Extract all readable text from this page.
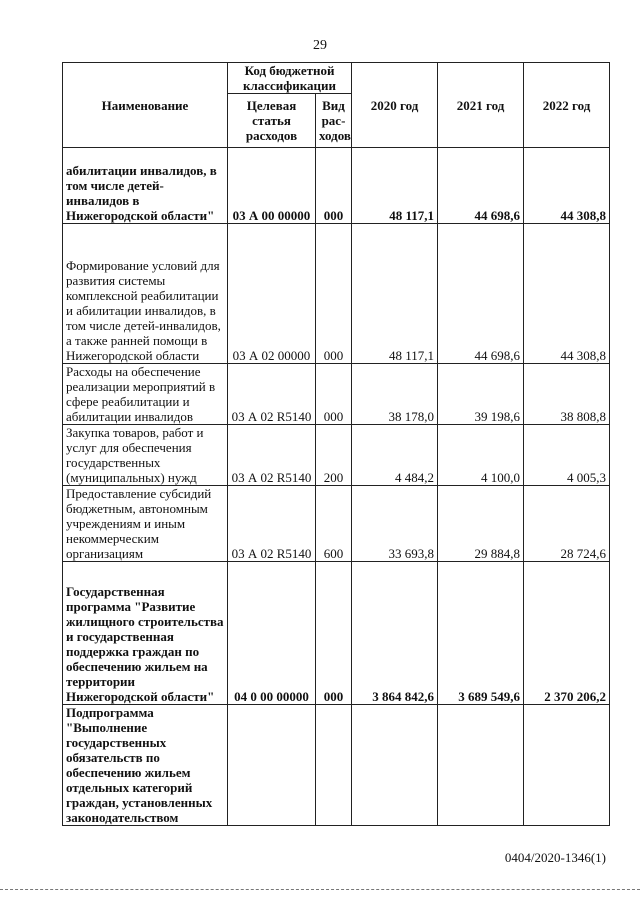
29
Наименование	Код бюджетной классификации		2020 год	2021 год	2022 год
	Целевая статья расходов	Вид рас-ходов			
абилитации инвалидов, в том числе детей-инвалидов в Нижегородской области"	03 А 00 00000	000	48 117,1	44 698,6	44 308,8
Формирование условий для развития системы комплексной реабилитации и абилитации инвалидов, в том числе детей-инвалидов, а также ранней помощи в Нижегородской области	03 А 02 00000	000	48 117,1	44 698,6	44 308,8
Расходы на обеспечение реализации мероприятий в сфере реабилитации и абилитации инвалидов	03 А 02 R5140	000	38 178,0	39 198,6	38 808,8
Закупка товаров, работ и услуг для обеспечения государственных (муниципальных) нужд	03 А 02 R5140	200	4 484,2	4 100,0	4 005,3
Предоставление субсидий бюджетным, автономным учреждениям и иным некоммерческим организациям	03 А 02 R5140	600	33 693,8	29 884,8	28 724,6
Государственная программа "Развитие жилищного строительства и государственная поддержка граждан по обеспечению жильем на территории Нижегородской области"	04 0 00 00000	000	3 864 842,6	3 689 549,6	2 370 206,2
Подпрограмма "Выполнение государственных обязательств по обеспечению жильем отдельных категорий граждан, установленных законодательством					
0404/2020-1346(1)
